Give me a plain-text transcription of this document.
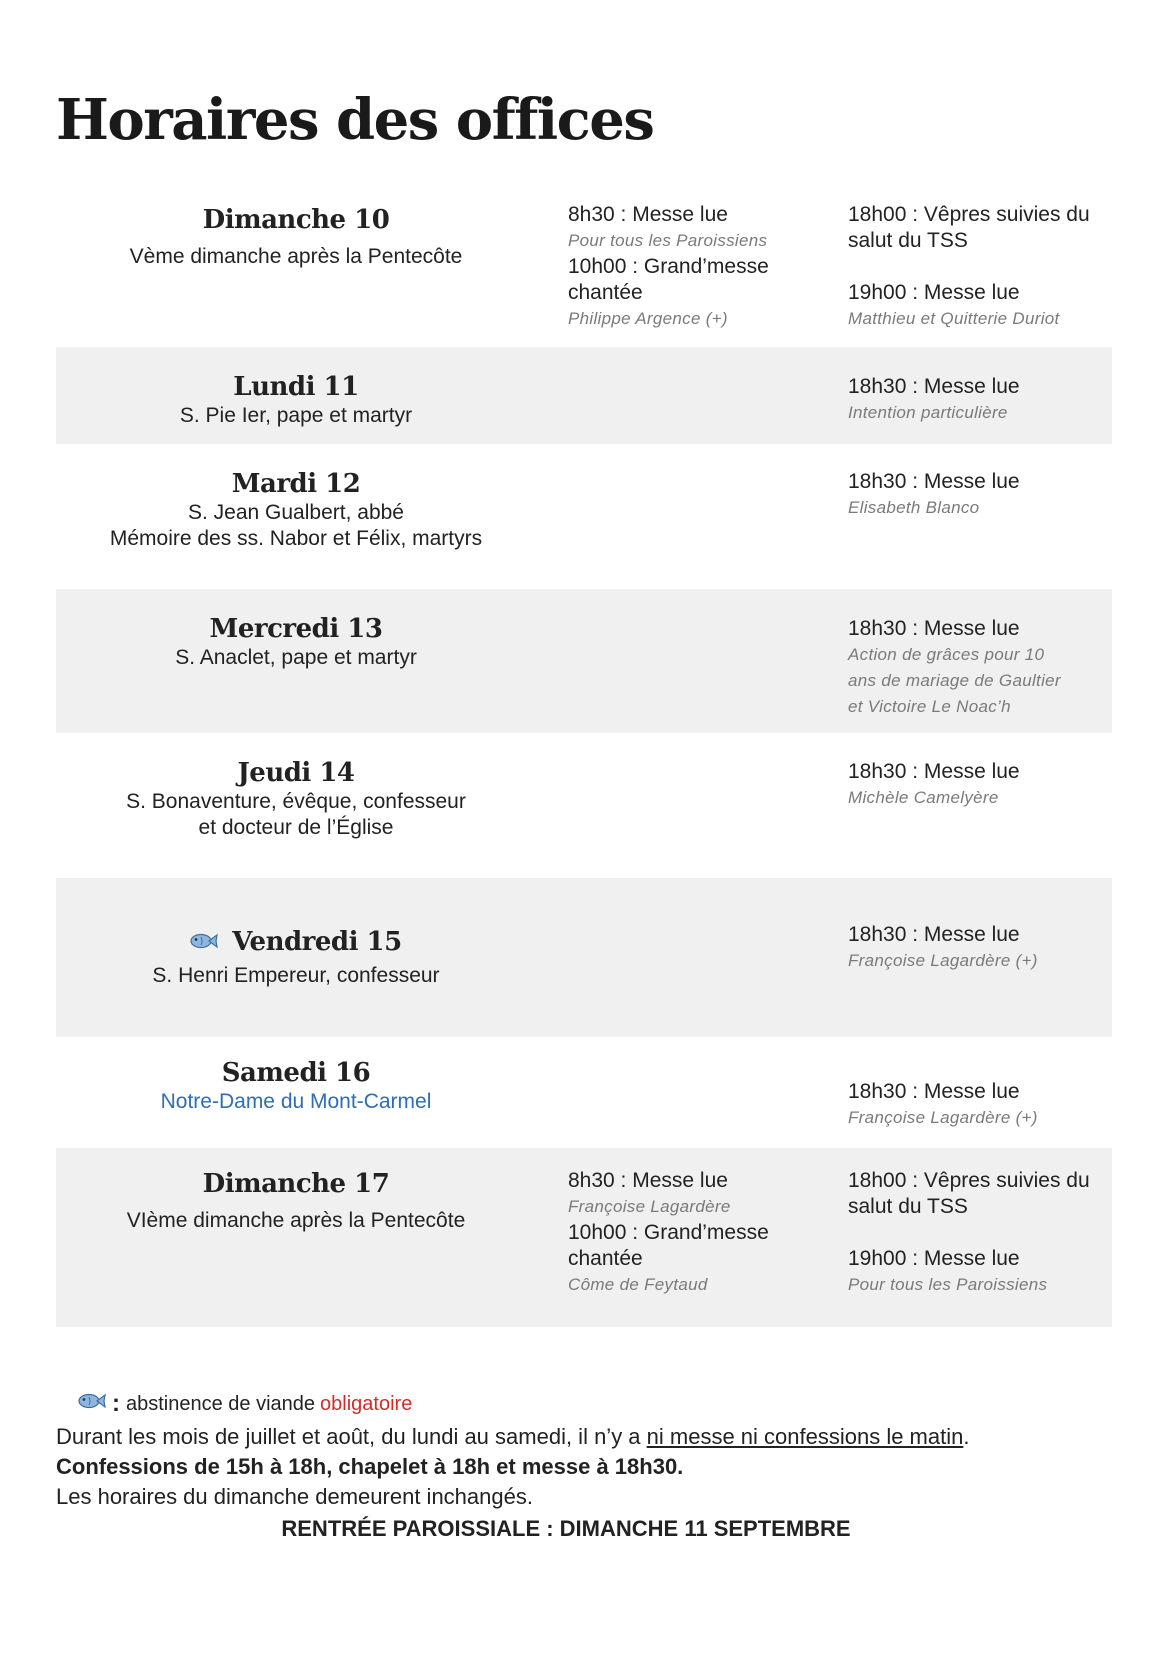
Horaires des offices
Dimanche 10
Vème dimanche après la Pentecôte
8h30 : Messe lue
Pour tous les Paroissiens
10h00 : Grand’messe
chantée
Philippe Argence (+)
18h00 : Vêpres suivies du
salut du TSS
19h00 : Messe lue
Matthieu et Quitterie Duriot
Lundi 11
S. Pie Ier, pape et martyr
18h30 : Messe lue
Intention particulière
Mardi 12
S. Jean Gualbert, abbé
Mémoire des ss. Nabor et Félix, martyrs
18h30 : Messe lue
Elisabeth Blanco
Mercredi 13
S. Anaclet, pape et martyr
18h30 : Messe lue
Action de grâces pour 10
ans de mariage de Gaultier
et Victoire Le Noac’h
Jeudi 14
S. Bonaventure, évêque, confesseur
et docteur de l’Église
18h30 : Messe lue
Michèle Camelyère
Vendredi 15
S. Henri Empereur, confesseur
18h30 : Messe lue
Françoise Lagardère (+)
Samedi 16
Notre-Dame du Mont-Carmel	18h30 : Messe lue
Françoise Lagardère (+)
Dimanche 17
VIème dimanche après la Pentecôte
8h30 : Messe lue
Françoise Lagardère
10h00 : Grand’messe
chantée
Côme de Feytaud
18h00 : Vêpres suivies du
salut du TSS
19h00 : Messe lue
Pour tous les Paroissiens
: abstinence de viande obligatoire
Durant les mois de juillet et août, du lundi au samedi, il n’y a ni messe ni confessions le matin.
Confessions de 15h à 18h, chapelet à 18h et messe à 18h30.
Les horaires du dimanche demeurent inchangés.
RENTRÉE PAROISSIALE : DIMANCHE 11 SEPTEMBRE
